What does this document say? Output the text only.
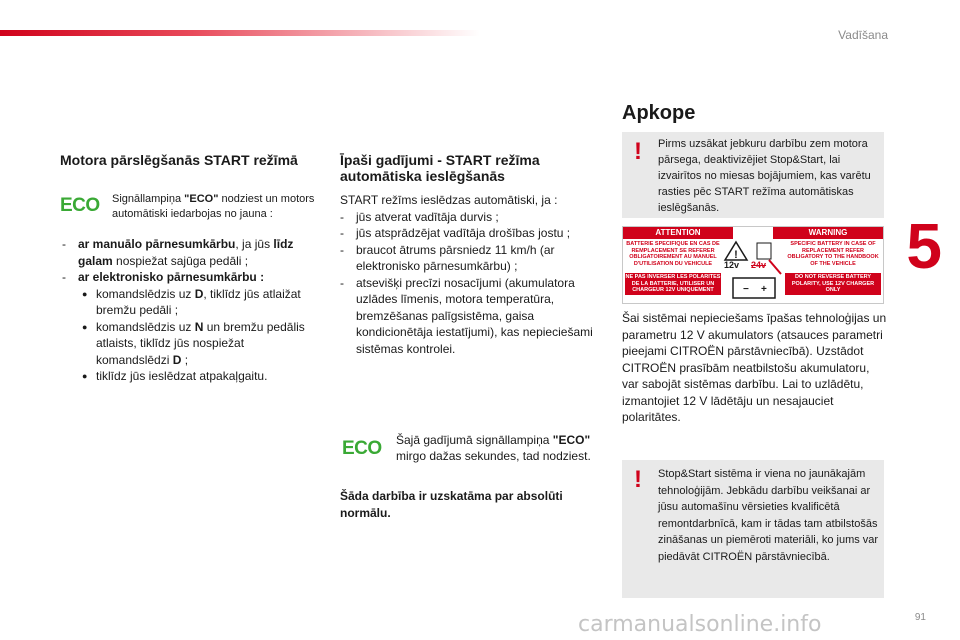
Vadīšana
5
Motora pārslēgšanās START režīmā
ECO Signāllampiņa "ECO" nodziest un motors automātiski iedarbojas no jauna :
- ar manuālo pārnesumkārbu, ja jūs līdz galam nospiežat sajūga pedāli ;
- ar elektronisko pārnesumkārbu :
● komandslēdzis uz D, tiklīdz jūs atlaižat bremžu pedāli ;
● komandslēdzis uz N un bremžu pedālis atlaists, tiklīdz jūs nospiežat komandslēdzi D ;
● tiklīdz jūs ieslēdzat atpakaļgaitu.
Īpaši gadījumi - START režīma automātiska ieslēgšanās
START režīms ieslēdzas automātiski, ja :
- jūs atverat vadītāja durvis ;
- jūs atsprādzējat vadītāja drošības jostu ;
- braucot ātrums pārsniedz 11 km/h (ar elektronisko pārnesumkārbu) ;
- atsevišķi precīzi nosacījumi (akumulatora uzlādes līmenis, motora temperatūra, bremzēšanas palīgsistēma, gaisa kondicionētāja iestatījumi), kas nepieciešami sistēmas kontrolei.
ECO Šajā gadījumā signāllampiņa "ECO" mirgo dažas sekundes, tad nodziest.
Šāda darbība ir uzskatāma par absolūti normālu.
Apkope
! Pirms uzsākat jebkuru darbību zem motora pārsega, deaktivizējiet Stop&Start, lai izvairītos no miesas bojājumiem, kas varētu rasties pēc START režīma automātiskas ieslēgšanās.
ATTENTION	WARNING
BATTERIE SPECIFIQUE EN CAS DE REMPLACEMENT SE REFERER OBLIGATOIREMENT AU MANUEL D'UTILISATION DU VEHICULE
SPECIFIC BATTERY IN CASE OF REPLACEMENT REFER OBLIGATORY TO THE HANDBOOK OF THE VEHICLE
NE PAS INVERSER LES POLARITES DE LA BATTERIE, UTILISER UN CHARGEUR 12V UNIQUEMENT
DO NOT REVERSE BATTERY POLARITY, USE 12V CHARGER ONLY
!
− +
12v 24v
Šai sistēmai nepieciešams īpašas tehnoloģijas un parametru 12 V akumulators (atsauces parametri pieejami CITROËN pārstāvniecībā). Uzstādot CITROËN prasībām neatbilstošu akumulatoru, var sabojāt sistēmas darbību. Lai to uzlādētu, izmantojiet 12 V lādētāju un nesajauciet polaritātes.
! Stop&Start sistēma ir viena no jaunākajām tehnoloģijām. Jebkādu darbību veikšanai ar jūsu automašīnu vērsieties kvalificētā remontdarbnīcā, kam ir tādas tam atbilstošās zināšanas un piemēroti materiāli, ko jums var piedāvāt CITROËN pārstāvniecībā.
carmanualsonline.info	91
